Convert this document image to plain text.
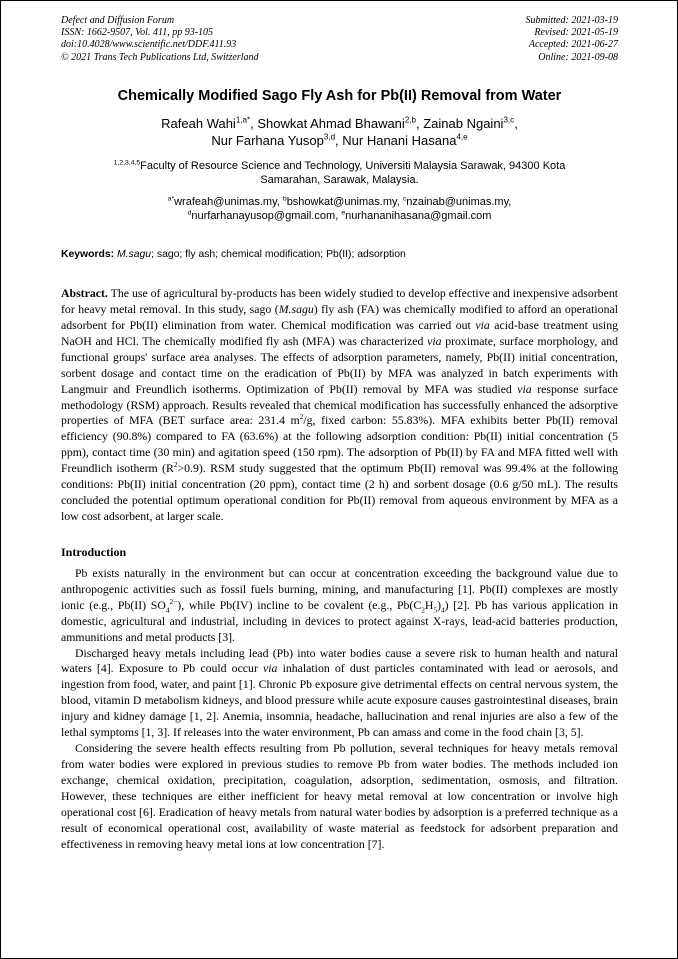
Defect and Diffusion Forum
ISSN: 1662-9507, Vol. 411, pp 93-105
doi:10.4028/www.scientific.net/DDF.411.93
© 2021 Trans Tech Publications Ltd, Switzerland
Submitted: 2021-03-19
Revised: 2021-05-19
Accepted: 2021-06-27
Online: 2021-09-08
Chemically Modified Sago Fly Ash for Pb(II) Removal from Water
Rafeah Wahi$^{1,a*}$, Showkat Ahmad Bhawani$^{2,b}$, Zainab Ngaini$^{3,c}$,
Nur Farhana Yusop$^{3,d}$, Nur Hanani Hasana$^{4,e}$
$^{1,2,3,4,5}$Faculty of Resource Science and Technology, Universiti Malaysia Sarawak, 94300 Kota
Samarahan, Sarawak, Malaysia.
$^{a*}$wrafeah@unimas.my, $^b$bshowkat@unimas.my, $^c$nzainab@unimas.my,
$^d$nurfarhanayusop@gmail.com, $^e$nurhananihasana@gmail.com
Keywords: M.sagu; sago; fly ash; chemical modification; Pb(II); adsorption

Abstract. The use of agricultural by-products has been widely studied to develop effective and inexpensive adsorbent for heavy metal removal. In this study, sago (M.sagu) fly ash (FA) was chemically modified to afford an operational adsorbent for Pb(II) elimination from water. Chemical modification was carried out via acid-base treatment using NaOH and HCl. The chemically modified fly ash (MFA) was characterized via proximate, surface morphology, and functional groups' surface area analyses. The effects of adsorption parameters, namely, Pb(II) initial concentration, sorbent dosage and contact time on the eradication of Pb(II) by MFA was analyzed in batch experiments with Langmuir and Freundlich isotherms. Optimization of Pb(II) removal by MFA was studied via response surface methodology (RSM) approach. Results revealed that chemical modification has successfully enhanced the adsorptive properties of MFA (BET surface area: 231.4 $m^2/g$, fixed carbon: 55.83%). MFA exhibits better Pb(II) removal efficiency (90.8%) compared to FA (63.6%) at the following adsorption condition: Pb(II) initial concentration (5 ppm), contact time (30 min) and agitation speed (150 rpm). The adsorption of Pb(II) by FA and MFA fitted well with Freundlich isotherm $(R^2>0.9)$. RSM study suggested that the optimum Pb(II) removal was 99.4% at the following conditions: Pb(II) initial concentration (20 ppm), contact time (2 h) and sorbent dosage (0.6 g/50 mL). The results concluded the potential optimum operational condition for Pb(II) removal from aqueous environment by MFA as a low cost adsorbent, at larger scale.

Introduction

Pb exists naturally in the environment but can occur at concentration exceeding the background value due to anthropogenic activities such as fossil fuels burning, mining, and manufacturing [1]. Pb(II) complexes are mostly ionic (e.g., Pb(II) $SO_4^{2-}$), while Pb(IV) incline to be covalent (e.g., $Pb(C_2H_5)_4$) [2]. Pb has various application in domestic, agricultural and industrial, including in devices to protect against X-rays, lead-acid batteries production, ammunitions and metal products [3].

Discharged heavy metals including lead (Pb) into water bodies cause a severe risk to human health and natural waters [4]. Exposure to Pb could occur via inhalation of dust particles contaminated with lead or aerosols, and ingestion from food, water, and paint [1]. Chronic Pb exposure give detrimental effects on central nervous system, the blood, vitamin D metabolism kidneys, and blood pressure while acute exposure causes gastrointestinal diseases, brain injury and kidney damage [1, 2]. Anemia, insomnia, headache, hallucination and renal injuries are also a few of the lethal symptoms [1, 3]. If releases into the water environment, Pb can amass and come in the food chain [3, 5].

Considering the severe health effects resulting from Pb pollution, several techniques for heavy metals removal from water bodies were explored in previous studies to remove Pb from water bodies. The methods included ion exchange, chemical oxidation, precipitation, coagulation, adsorption, sedimentation, osmosis, and filtration. However, these techniques are either inefficient for heavy metal removal at low concentration or involve high operational cost [6]. Eradication of heavy metals from natural water bodies by adsorption is a preferred technique as a result of economical operational cost, availability of waste material as feedstock for adsorbent preparation and effectiveness in removing heavy metal ions at low concentration [7].
